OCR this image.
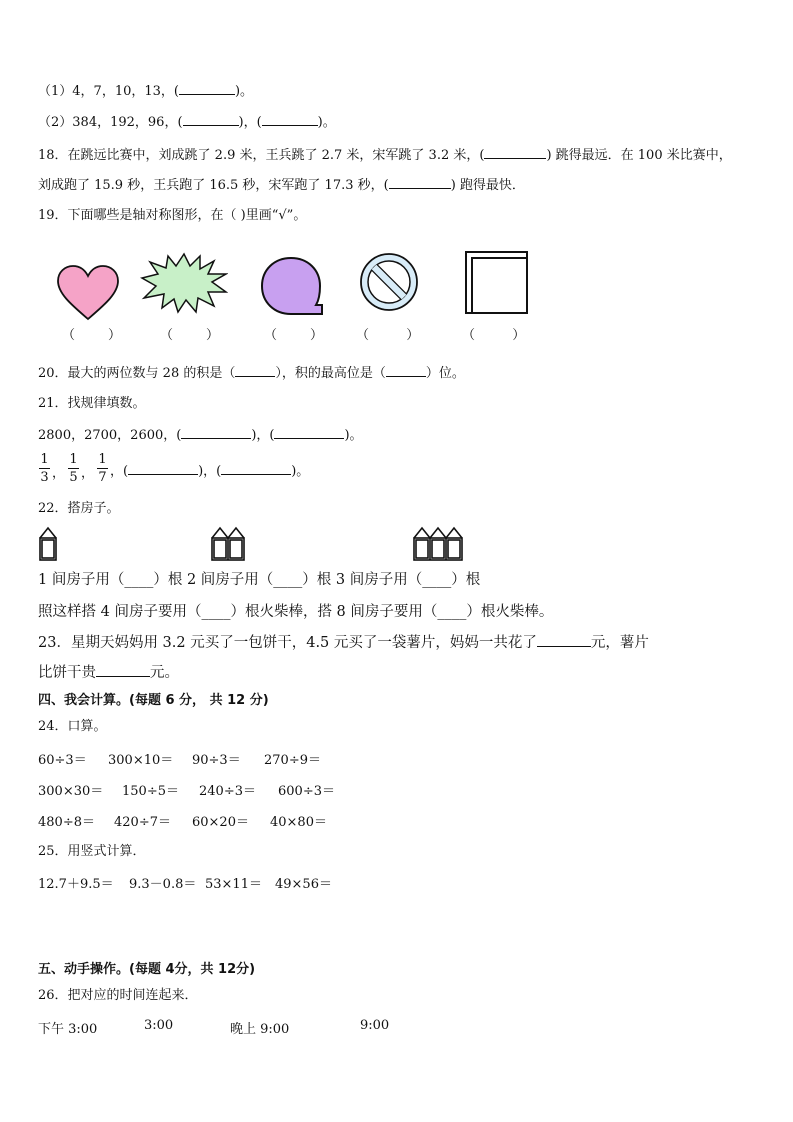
（1）4，7，10，13，(	)。
（2）384，192，96，(	)，(	)。
18．在跳远比赛中，刘成跳了 2.9 米，王兵跳了 2.7 米，宋军跳了 3.2 米，(	) 跳得最远．在 100 米比赛中，
刘成跑了 15.9 秒，王兵跑了 16.5 秒，宋军跑了 17.3 秒，(	) 跑得最快．
19．下面哪些是轴对称图形，在（ )里画“√”。
（        ）	（        ）	（        ）	（         ）	（         ）
20．最大的两位数与 28 的积是（	），积的最高位是（	）位。
21．找规律填数。
2800，2700，2600，(	)，(	)。
1
3 ，
1
5 ，
1
7 ，(	)，(	)。
22．搭房子。
1 间房子用（____）根 2 间房子用（____）根 3 间房子用（____）根
照这样搭 4 间房子要用（____）根火柴棒，搭 8 间房子要用（____）根火柴棒。
23．星期天妈妈用 3.2 元买了一包饼干，4.5 元买了一袋薯片，妈妈一共花了	元，薯片
比饼干贵	元。
四、我会计算。(每题 6 分， 共 12 分)
24．口算。
60÷3＝ 300×10＝ 90÷3＝ 270÷9＝
300×30＝ 150÷5＝ 240÷3＝ 600÷3＝
480÷8＝ 420÷7＝ 60×20＝ 40×80＝
25．用竖式计算．
12.7＋9.5＝ 9.3－0.8＝ 53×11＝ 49×56＝
五、动手操作。(每题 4分，共 12分)
26．把对应的时间连起来．
下午 3:00	3:00	晚上 9:00	9:00
